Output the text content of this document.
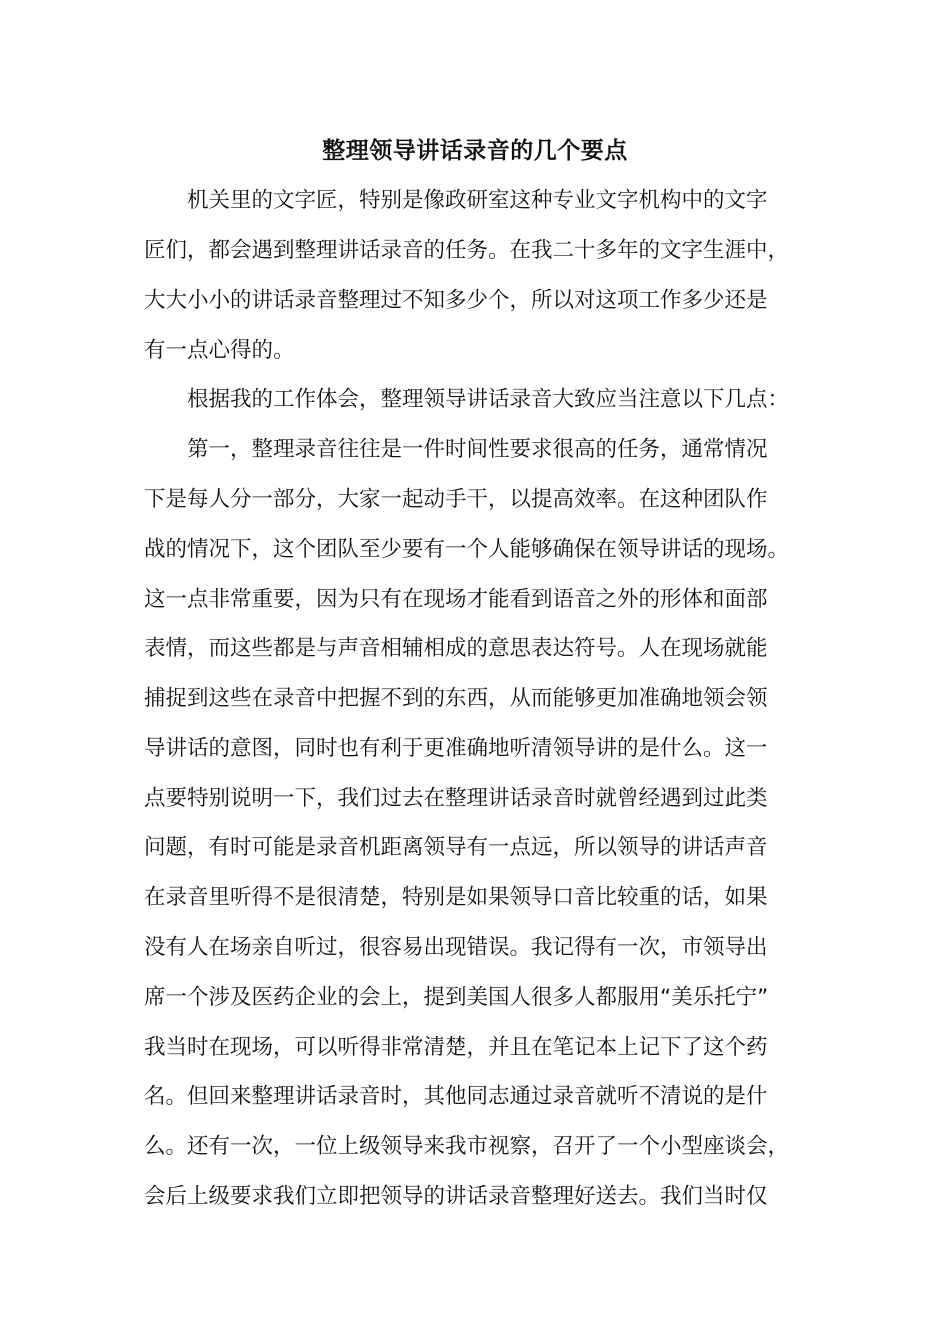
整理领导讲话录音的几个要点
机关里的文字匠，特别是像政研室这种专业文字机构中的文字
匠们，都会遇到整理讲话录音的任务。在我二十多年的文字生涯中，
大大小小的讲话录音整理过不知多少个，所以对这项工作多少还是
有一点心得的。
根据我的工作体会，整理领导讲话录音大致应当注意以下几点：
第一，整理录音往往是一件时间性要求很高的任务，通常情况
下是每人分一部分，大家一起动手干，以提高效率。在这种团队作
战的情况下，这个团队至少要有一个人能够确保在领导讲话的现场。
这一点非常重要，因为只有在现场才能看到语音之外的形体和面部
表情，而这些都是与声音相辅相成的意思表达符号。人在现场就能
捕捉到这些在录音中把握不到的东西，从而能够更加准确地领会领
导讲话的意图，同时也有利于更准确地听清领导讲的是什么。这一
点要特别说明一下，我们过去在整理讲话录音时就曾经遇到过此类
问题，有时可能是录音机距离领导有一点远，所以领导的讲话声音
在录音里听得不是很清楚，特别是如果领导口音比较重的话，如果
没有人在场亲自听过，很容易出现错误。我记得有一次，市领导出
席一个涉及医药企业的会上，提到美国人很多人都服用“美乐托宁”
我当时在现场，可以听得非常清楚，并且在笔记本上记下了这个药
名。但回来整理讲话录音时，其他同志通过录音就听不清说的是什
么。还有一次，一位上级领导来我市视察，召开了一个小型座谈会，
会后上级要求我们立即把领导的讲话录音整理好送去。我们当时仅
